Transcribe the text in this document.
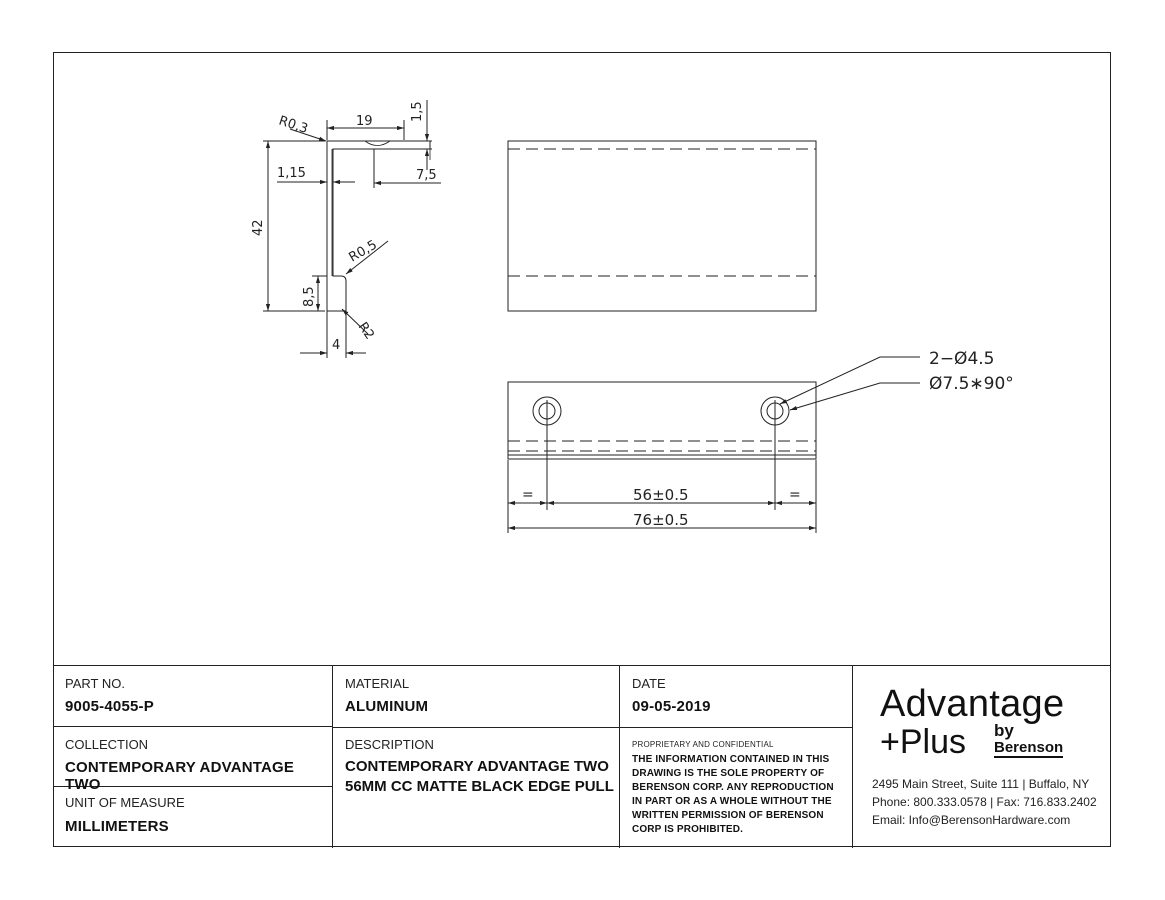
R0,3	19	1,5
1,15	7,5
42
R0,5
8,5
R2
4
2−Ø4.5
Ø7.5∗90°
=	56±0.5	=
76±0.5
PART NO.
9005-4055-P
COLLECTION
CONTEMPORARY ADVANTAGE TWO
UNIT OF MEASURE
MILLIMETERS
MATERIAL
ALUMINUM
DESCRIPTION
CONTEMPORARY ADVANTAGE TWO 56MM CC MATTE BLACK EDGE PULL
DATE
09-05-2019
PROPRIETARY AND CONFIDENTIAL
THE INFORMATION CONTAINED IN THIS DRAWING IS THE SOLE PROPERTY OF BERENSON CORP. ANY REPRODUCTION IN PART OR AS A WHOLE WITHOUT THE WRITTEN PERMISSION OF BERENSON CORP IS PROHIBITED.
Advantage
+Plus by
Berenson
2495 Main Street, Suite 111 | Buffalo, NY
Phone: 800.333.0578 | Fax: 716.833.2402
Email: Info@BerensonHardware.com
